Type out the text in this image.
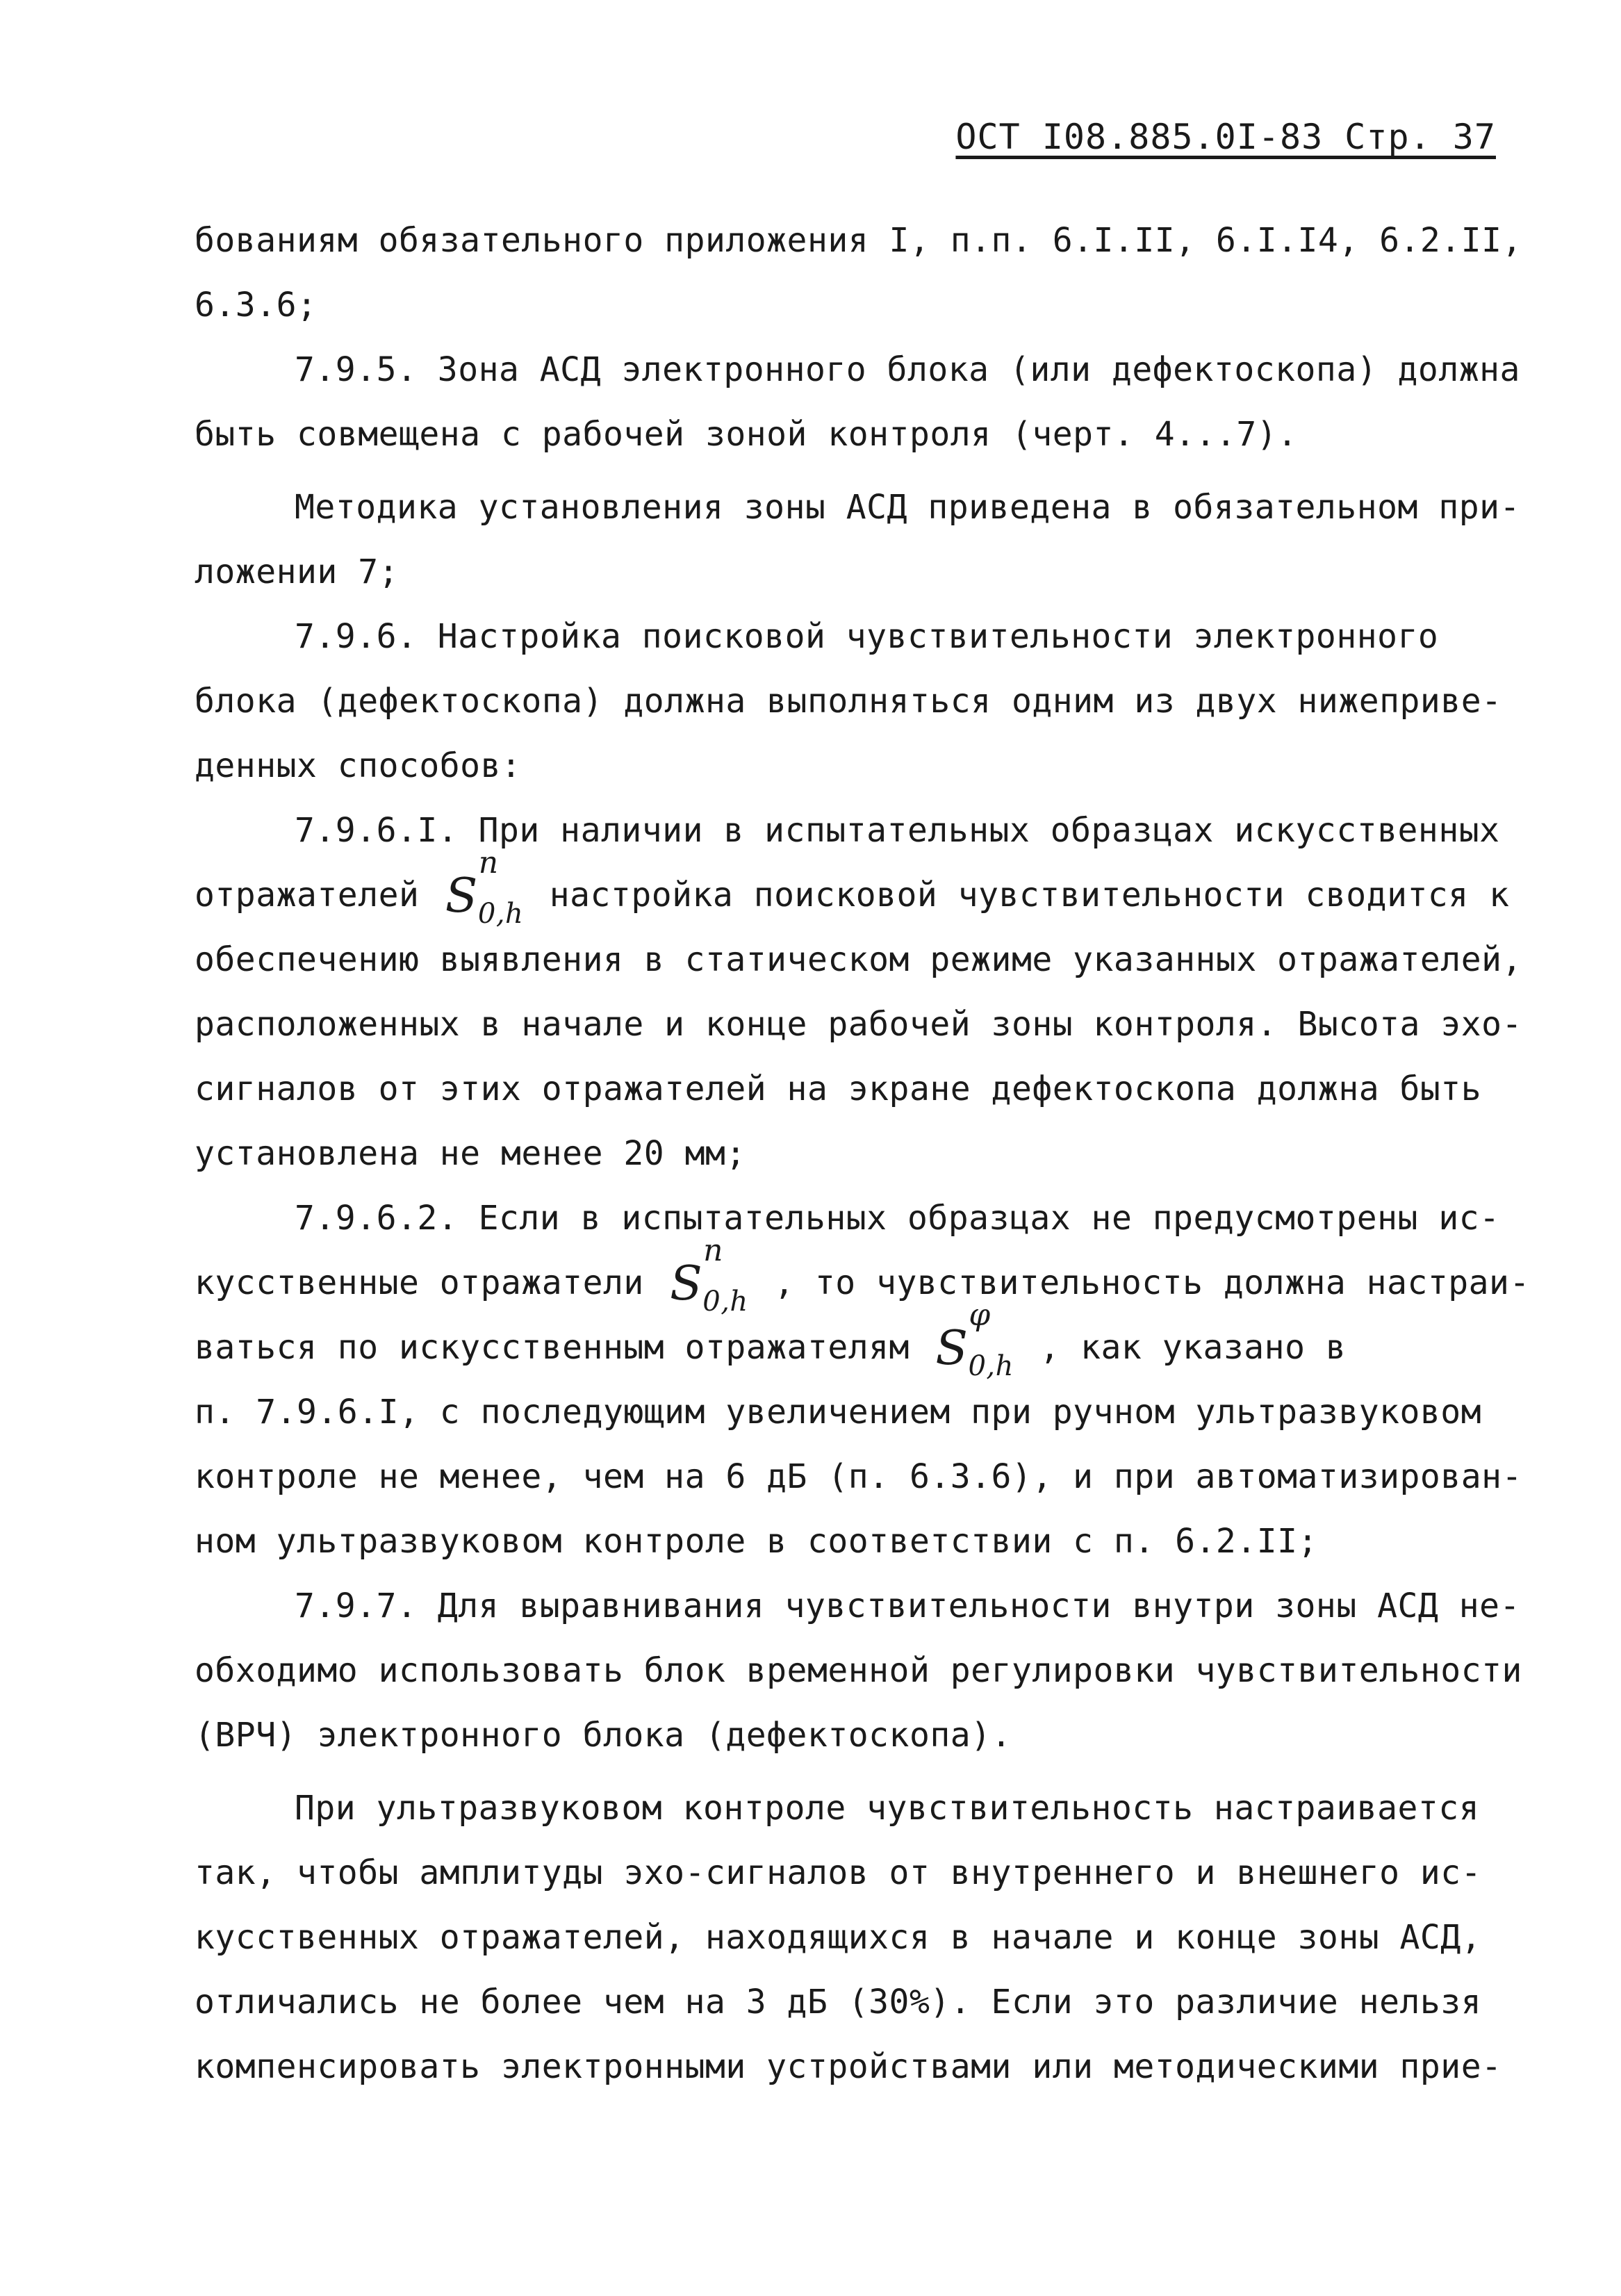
ОСТ I08.885.0I-83 Стр. 37
бованиям обязательного приложения I, п.п. 6.I.II, 6.I.I4, 6.2.II,
6.3.6;
7.9.5. Зона АСД электронного блока (или дефектоскопа) должна
быть совмещена с рабочей зоной контроля (черт. 4...7).
Методика установления зоны АСД приведена в обязательном при-
ложении 7;
7.9.6. Настройка поисковой чувствительности электронного
блока (дефектоскопа) должна выполняться одним из двух нижеприве-
денных способов:
7.9.6.I. При наличии в испытательных образцах искусственных
отражателей $S_{0,h}$
п
настройка поисковой чувствительности сводится к
обеспечению выявления в статическом режиме указанных отражателей,
расположенных в начале и конце рабочей зоны контроля. Высота эхо-
сигналов от этих отражателей на экране дефектоскопа должна быть
установлена не менее 20 мм;
7.9.6.2. Если в испытательных образцах не предусмотрены ис-
кусственные отражатели $S_{0,h}$
п
, то чувствительность должна настраи-
ваться по искусственным отражателям $S_{0,h}$
φ
, как указано в
п. 7.9.6.I, с последующим увеличением при ручном ультразвуковом
контроле не менее, чем на 6 дБ (п. 6.3.6), и при автоматизирован-
ном ультразвуковом контроле в соответствии с п. 6.2.II;
7.9.7. Для выравнивания чувствительности внутри зоны АСД не-
обходимо использовать блок временной регулировки чувствительности
(ВРЧ) электронного блока (дефектоскопа).
При ультразвуковом контроле чувствительность настраивается
так, чтобы амплитуды эхо-сигналов от внутреннего и внешнего ис-
кусственных отражателей, находящихся в начале и конце зоны АСД,
отличались не более чем на 3 дБ (30%). Если это различие нельзя
компенсировать электронными устройствами или методическими прие-
